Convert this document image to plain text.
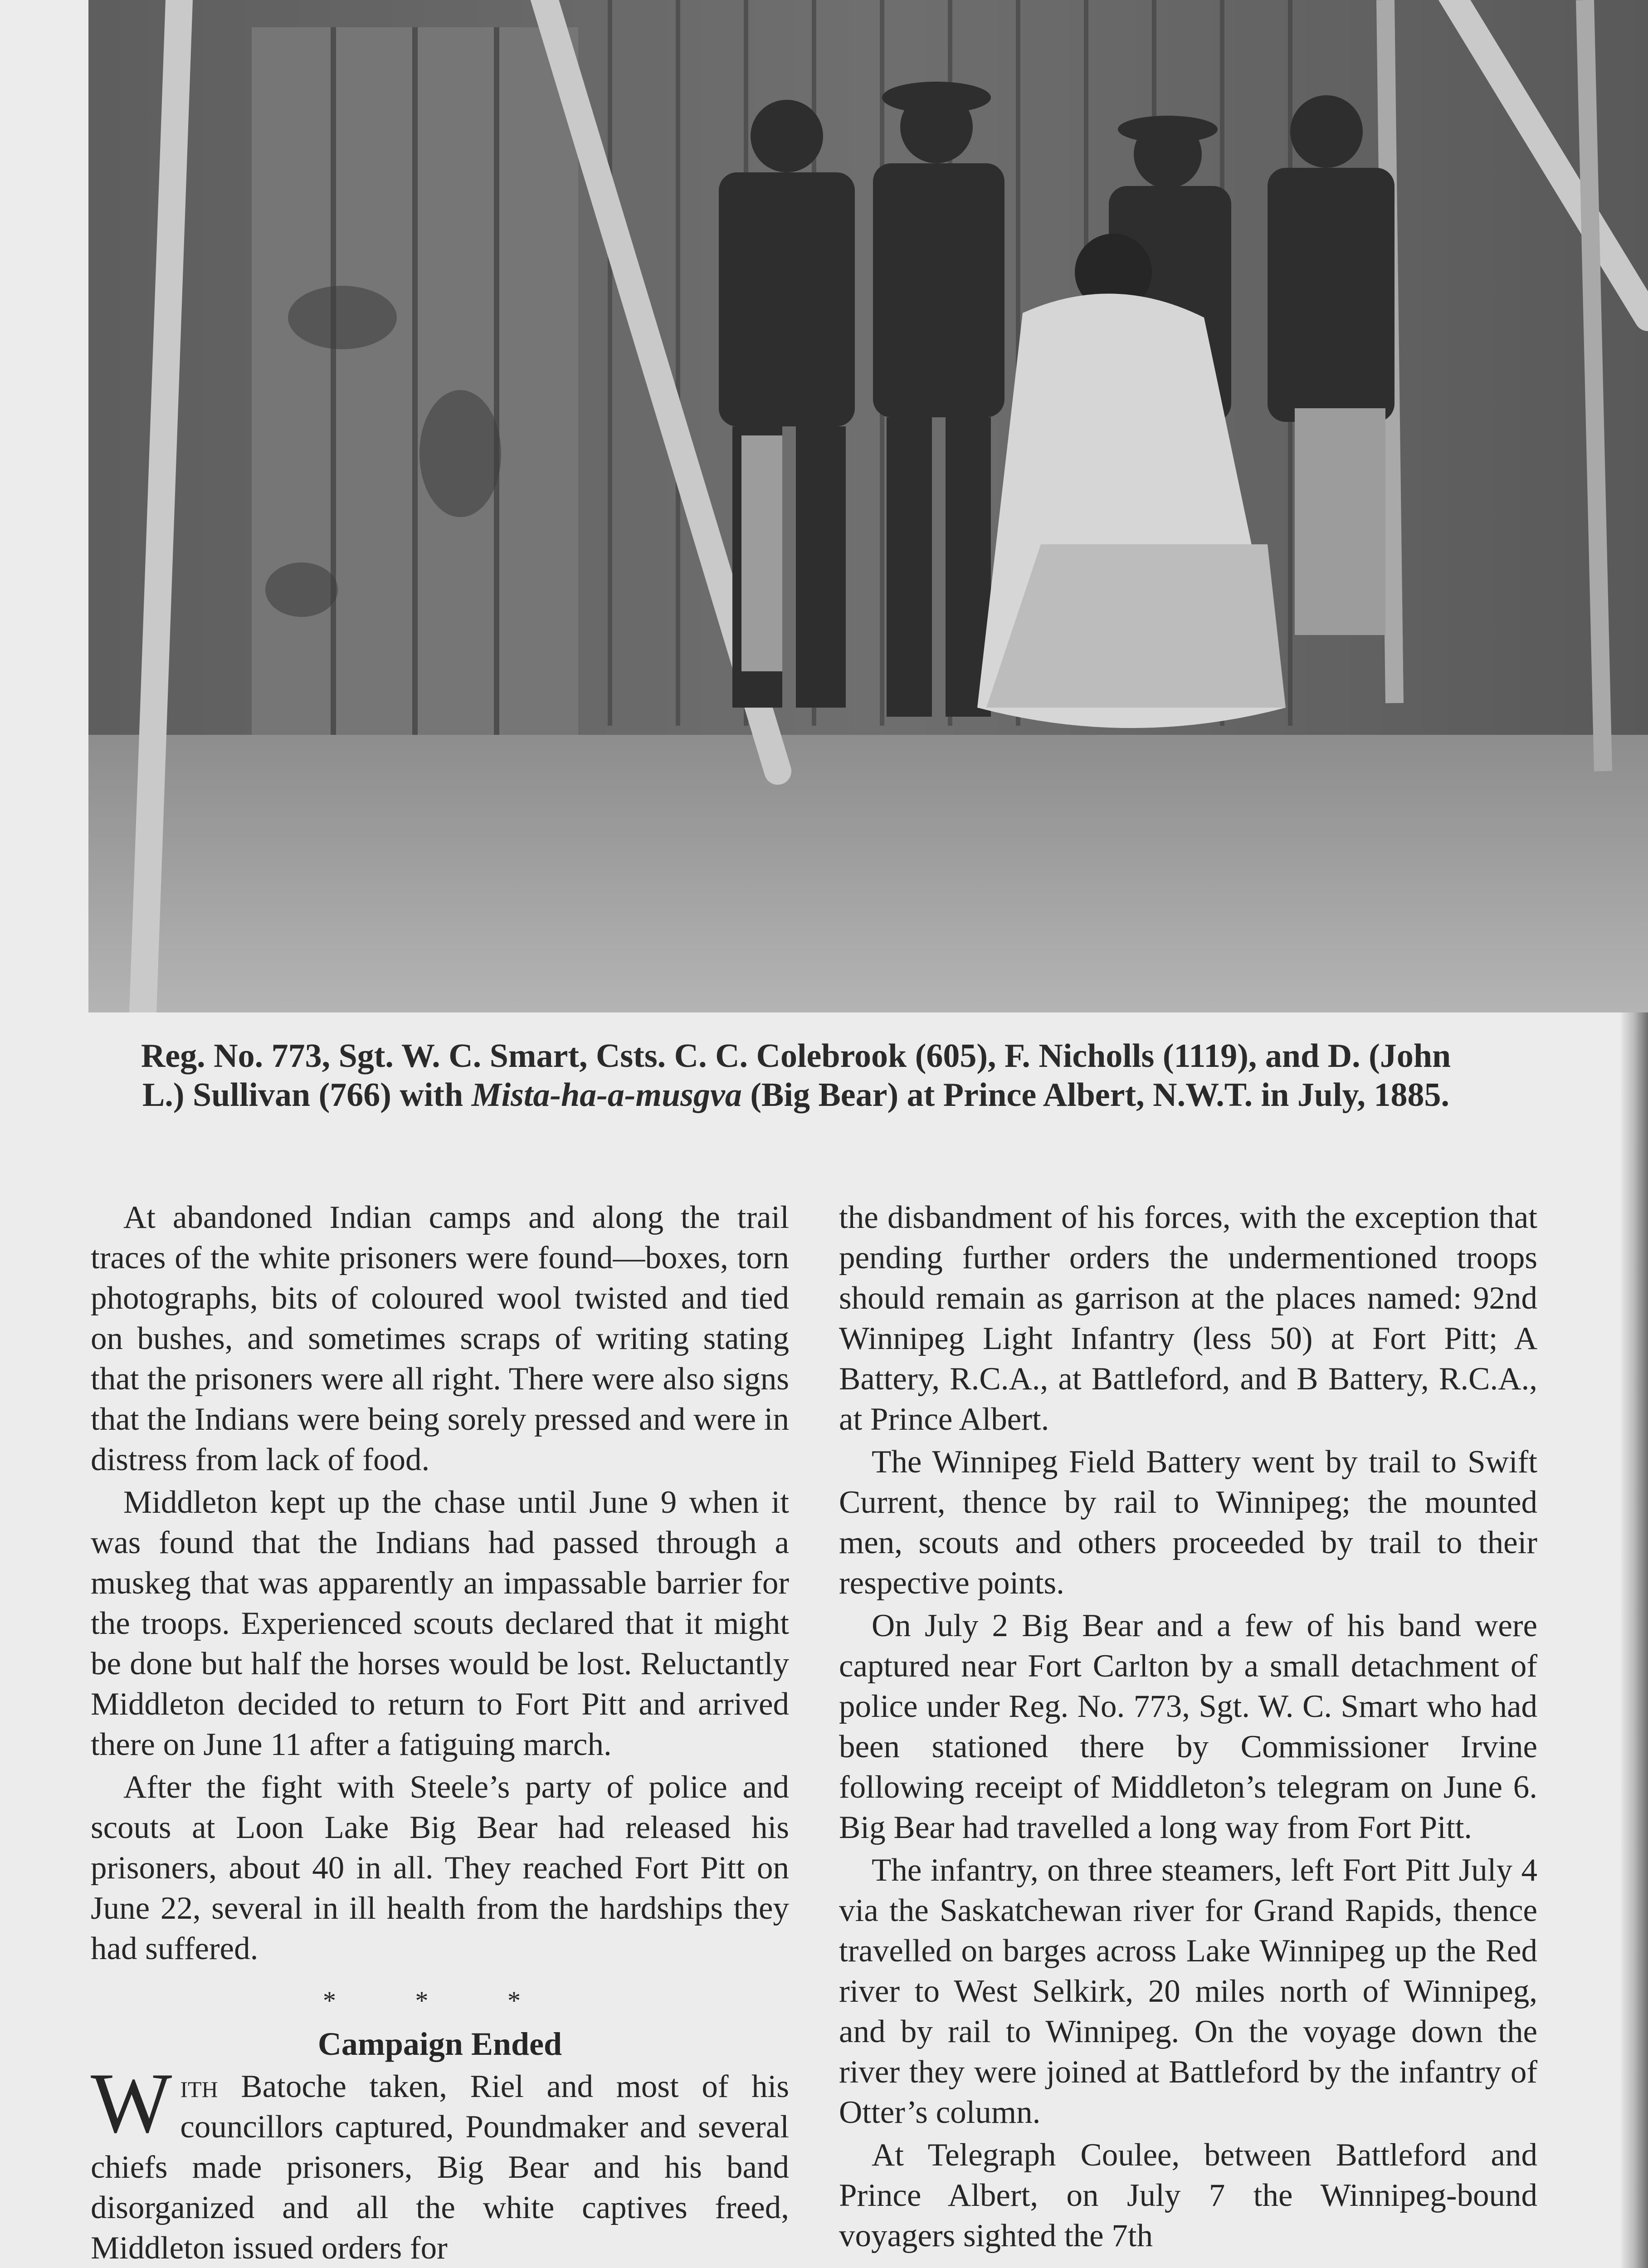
Reg. No. 773, Sgt. W. C. Smart, Csts. C. C. Colebrook (605), F. Nicholls (1119), and D. (John L.) Sullivan (766) with Mista-ha-a-musgva (Big Bear) at Prince Albert, N.W.T. in July, 1885.

At abandoned Indian camps and along the trail traces of the white prisoners were found—boxes, torn photographs, bits of coloured wool twisted and tied on bushes, and sometimes scraps of writing stating that the prisoners were all right. There were also signs that the Indians were being sorely pressed and were in distress from lack of food.

Middleton kept up the chase until June 9 when it was found that the Indians had passed through a muskeg that was apparently an impassable barrier for the troops. Experienced scouts declared that it might be done but half the horses would be lost. Reluctantly Middleton decided to return to Fort Pitt and arrived there on June 11 after a fatiguing march.

After the fight with Steele’s party of police and scouts at Loon Lake Big Bear had released his prisoners, about 40 in all. They reached Fort Pitt on June 22, several in ill health from the hardships they had suffered.

* * *
Campaign Ended

With Batoche taken, Riel and most of his councillors captured, Poundmaker and several chiefs made prisoners, Big Bear and his band disorganized and all the white captives freed, Middleton issued orders for

the disbandment of his forces, with the exception that pending further orders the undermentioned troops should remain as garrison at the places named: 92nd Winnipeg Light Infantry (less 50) at Fort Pitt; A Battery, R.C.A., at Battleford, and B Battery, R.C.A., at Prince Albert.

The Winnipeg Field Battery went by trail to Swift Current, thence by rail to Winnipeg; the mounted men, scouts and others proceeded by trail to their respective points.

On July 2 Big Bear and a few of his band were captured near Fort Carlton by a small detachment of police under Reg. No. 773, Sgt. W. C. Smart who had been stationed there by Commissioner Irvine following receipt of Middleton’s telegram on June 6. Big Bear had travelled a long way from Fort Pitt.

The infantry, on three steamers, left Fort Pitt July 4 via the Saskatchewan river for Grand Rapids, thence travelled on barges across Lake Winnipeg up the Red river to West Selkirk, 20 miles north of Winnipeg, and by rail to Winnipeg. On the voyage down the river they were joined at Battleford by the infantry of Otter’s column.

At Telegraph Coulee, between Battleford and Prince Albert, on July 7 the Winnipeg-bound voyagers sighted the 7th
